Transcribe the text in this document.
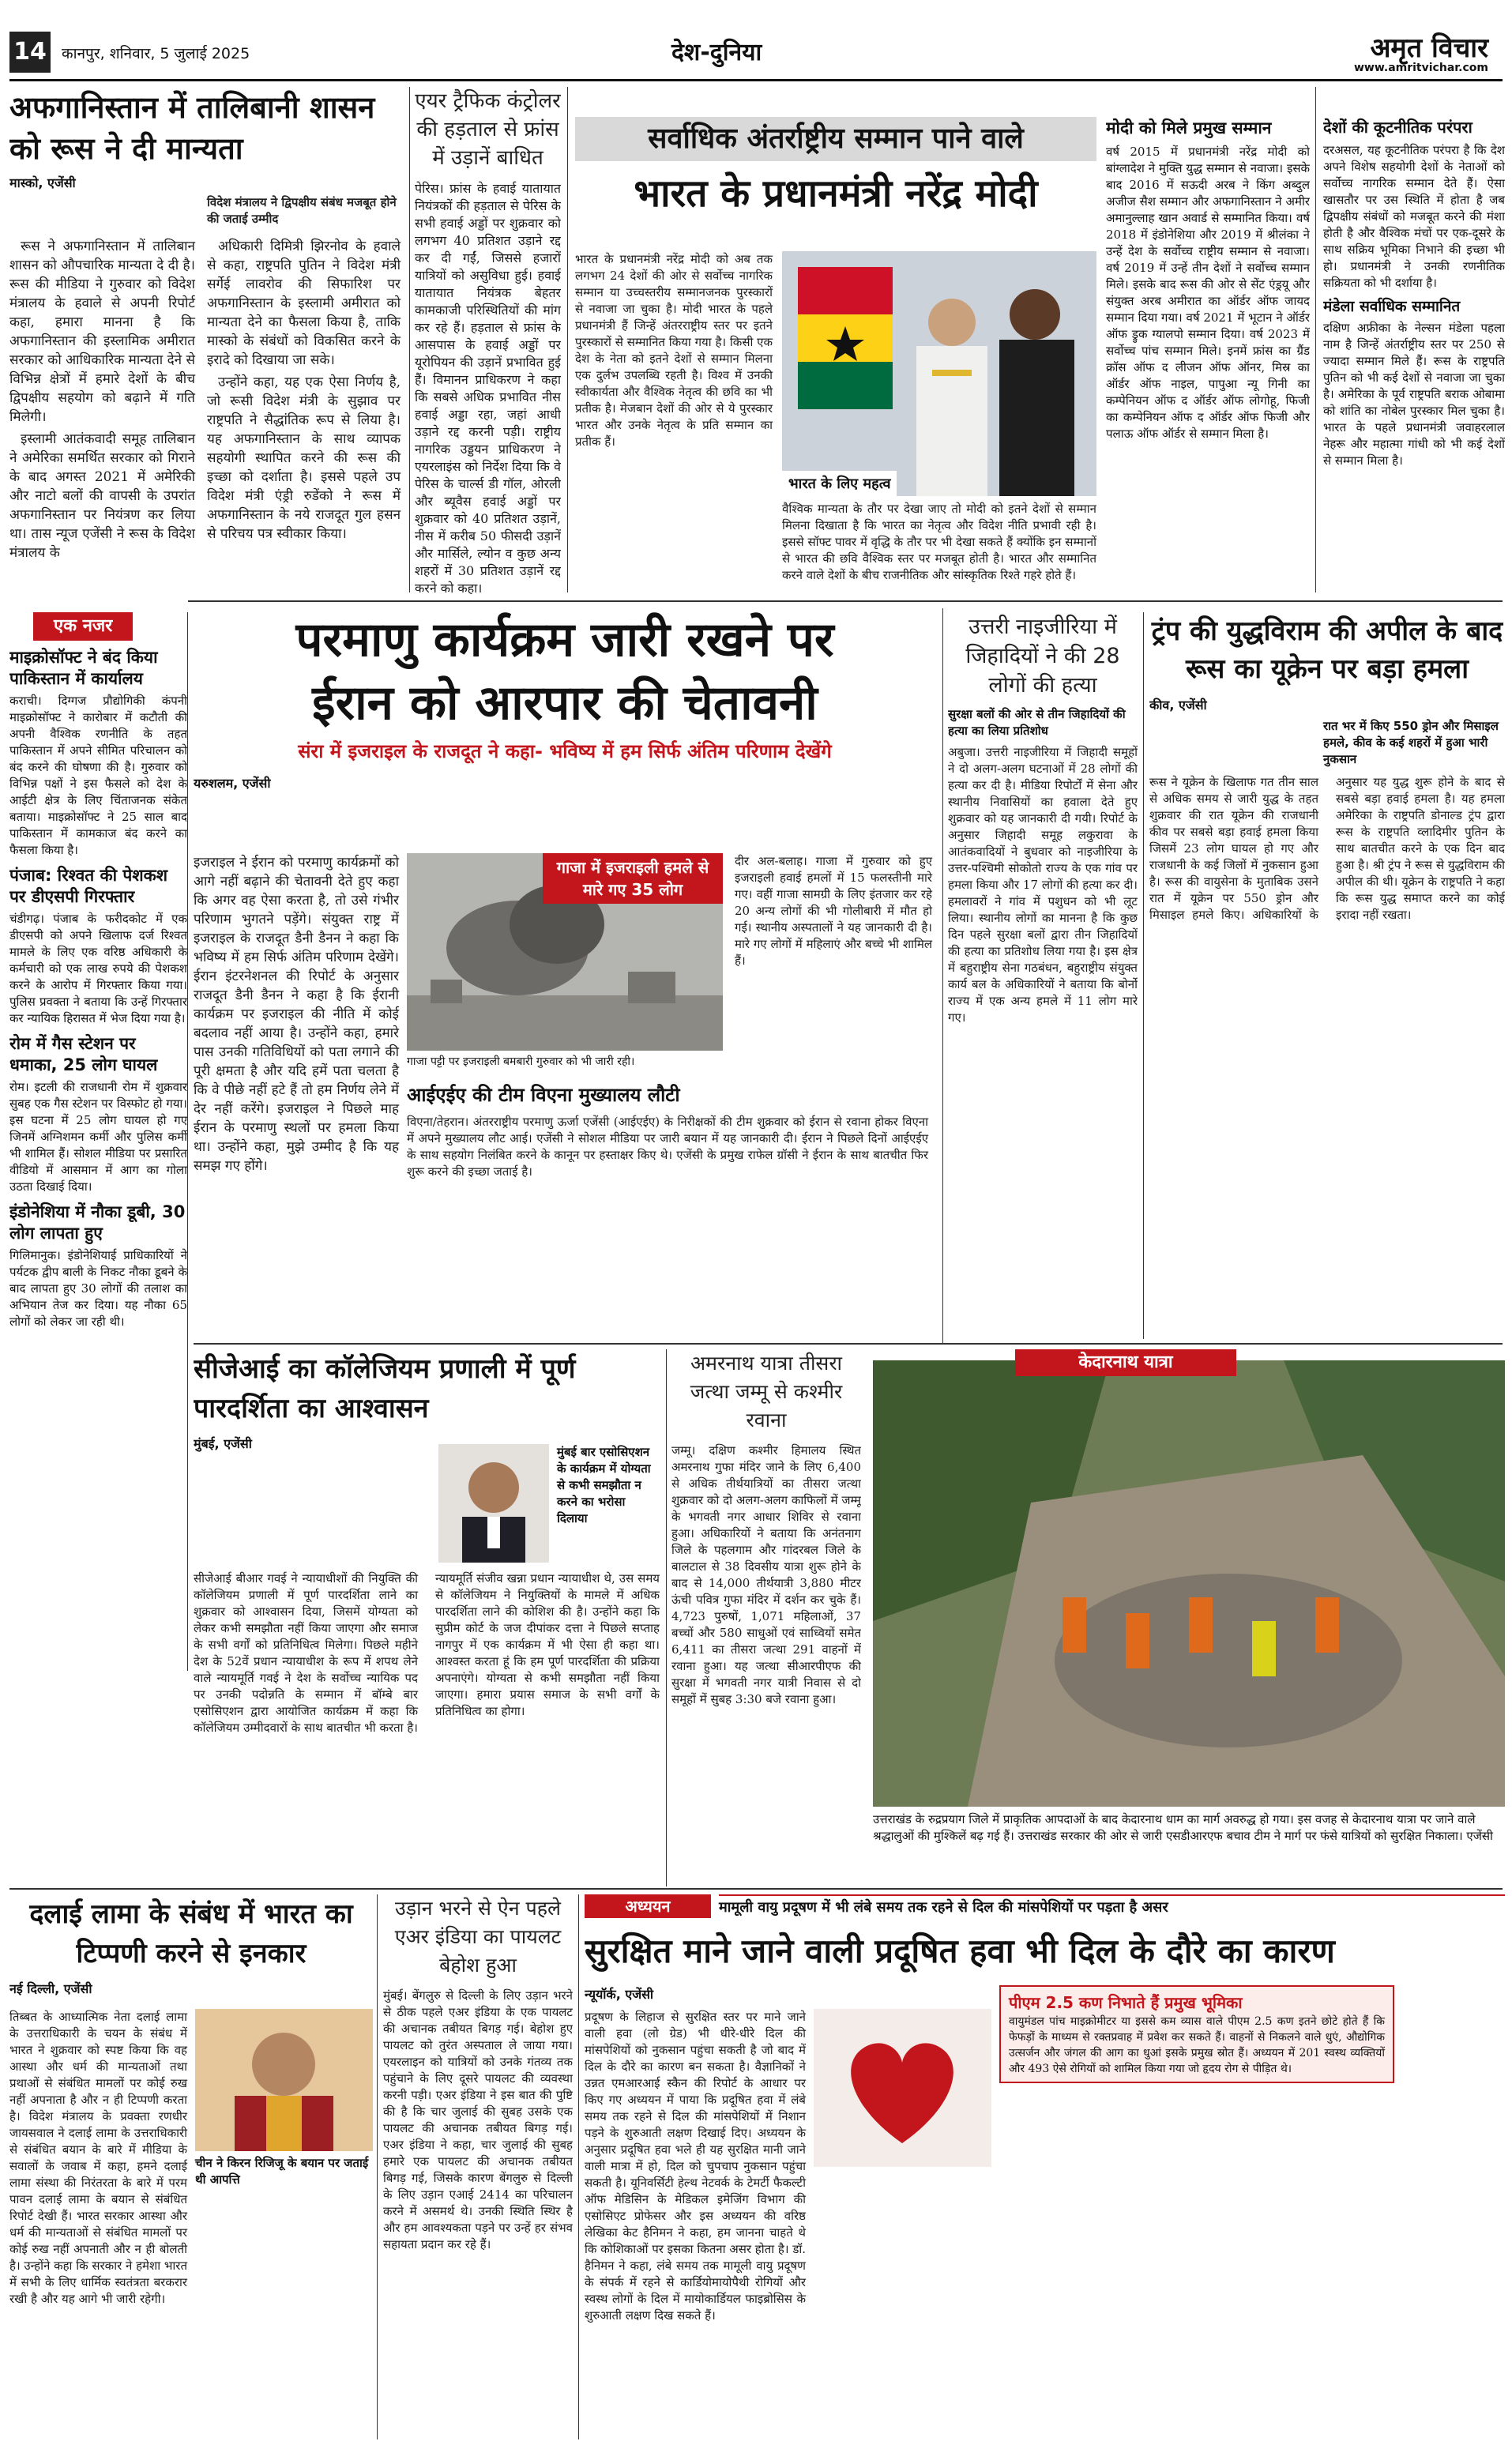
14 कानपुर, शनिवार, 5 जुलाई 2025	देश-दुनिया	अमृत विचार
www.amritvichar.com
अफगानिस्तान में तालिबानी शासन को रूस ने दी मान्यता
मास्को, एजेंसी

रूस ने अफगानिस्तान में तालिबान शासन को औपचारिक मान्यता दे दी है। रूस की मीडिया ने गुरुवार को विदेश मंत्रालय के हवाले से अपनी रिपोर्ट कहा, हमारा मानना है कि अफगानिस्तान की इस्लामिक अमीरात सरकार को आधिकारिक मान्यता देने से विभिन्न क्षेत्रों में हमारे देशों के बीच द्विपक्षीय सहयोग को बढ़ाने में गति मिलेगी।

इस्लामी आतंकवादी समूह तालिबान ने अमेरिका समर्थित सरकार को गिराने के बाद अगस्त 2021 में अमेरिकी और नाटो बलों की वापसी के उपरांत अफगानिस्तान पर नियंत्रण कर लिया था। तास न्यूज एजेंसी ने रूस के विदेश मंत्रालय के

विदेश मंत्रालय ने द्विपक्षीय संबंध मजबूत होने की जताई उम्मीद

अधिकारी दिमित्री झिरनोव के हवाले से कहा, राष्ट्रपति पुतिन ने विदेश मंत्री सर्गेई लावरोव की सिफारिश पर अफगानिस्तान के इस्लामी अमीरात को मान्यता देने का फैसला किया है, ताकि मास्को के संबंधों को विकसित करने के इरादे को दिखाया जा सके।

उन्होंने कहा, यह एक ऐसा निर्णय है, जो रूसी विदेश मंत्री के सुझाव पर राष्ट्रपति ने सैद्धांतिक रूप से लिया है। यह अफगानिस्तान के साथ व्यापक सहयोगी स्थापित करने की रूस की इच्छा को दर्शाता है। इससे पहले उप विदेश मंत्री एंड्री रुडेंको ने रूस में अफगानिस्तान के नये राजदूत गुल हसन से परिचय पत्र स्वीकार किया।

एयर ट्रैफिक कंट्रोलर की हड़ताल से फ्रांस में उड़ानें बाधित
पेरिस। फ्रांस के हवाई यातायात नियंत्रकों की हड़ताल से पेरिस के सभी हवाई अड्डों पर शुक्रवार को लगभग 40 प्रतिशत उड़ाने रद्द कर दी गईं, जिससे हजारों यात्रियों को असुविधा हुई। हवाई यातायात नियंत्रक बेहतर कामकाजी परिस्थितियों की मांग कर रहे हैं। हड़ताल से फ्रांस के आसपास के हवाई अड्डों पर यूरोपियन की उड़ानें प्रभावित हुई हैं। विमानन प्राधिकरण ने कहा कि सबसे अधिक प्रभावित नीस हवाई अड्डा रहा, जहां आधी उड़ाने रद्द करनी पड़ी। राष्ट्रीय नागरिक उड्डयन प्राधिकरण ने एयरलाइंस को निर्देश दिया कि वे पेरिस के चार्ल्स डी गॉल, ओरली और ब्यूवैस हवाई अड्डों पर शुक्रवार को 40 प्रतिशत उड़ानें, नीस में करीब 50 फीसदी उड़ानें और मार्सिले, ल्योन व कुछ अन्य शहरों में 30 प्रतिशत उड़ानें रद्द करने को कहा।
सर्वाधिक अंतर्राष्ट्रीय सम्मान पाने वाले
भारत के प्रधानमंत्री नरेंद्र मोदी
भारत के प्रधानमंत्री नरेंद्र मोदी को अब तक लगभग 24 देशों की ओर से सर्वोच्च नागरिक सम्मान या उच्चस्तरीय सम्मानजनक पुरस्कारों से नवाजा जा चुका है। मोदी भारत के पहले प्रधानमंत्री हैं जिन्हें अंतरराष्ट्रीय स्तर पर इतने पुरस्कारों से सम्मानित किया गया है। किसी एक देश के नेता को इतने देशों से सम्मान मिलना एक दुर्लभ उपलब्धि रहती है। विश्व में उनकी स्वीकार्यता और वैश्विक नेतृत्व की छवि का भी प्रतीक है। मेजबान देशों की ओर से ये पुरस्कार भारत और उनके नेतृत्व के प्रति सम्मान का प्रतीक हैं।
भारत के लिए महत्व
वैश्विक मान्यता के तौर पर देखा जाए तो मोदी को इतने देशों से सम्मान मिलना दिखाता है कि भारत का नेतृत्व और विदेश नीति प्रभावी रही है। इससे सॉफ्ट पावर में वृद्धि के तौर पर भी देखा सकते हैं क्योंकि इन सम्मानों से भारत की छवि वैश्विक स्तर पर मजबूत होती है। भारत और सम्मानित करने वाले देशों के बीच राजनीतिक और सांस्कृतिक रिश्ते गहरे होते हैं।
मोदी को मिले प्रमुख सम्मान
वर्ष 2015 में प्रधानमंत्री नरेंद्र मोदी को बांग्लादेश ने मुक्ति युद्ध सम्मान से नवाजा। इसके बाद 2016 में सऊदी अरब ने किंग अब्दुल अजीज सैश सम्मान और अफगानिस्तान ने अमीर अमानुल्लाह खान अवार्ड से सम्मानित किया। वर्ष 2018 में इंडोनेशिया और 2019 में श्रीलंका ने उन्हें देश के सर्वोच्च राष्ट्रीय सम्मान से नवाजा। वर्ष 2019 में उन्हें तीन देशों ने सर्वोच्च सम्मान मिले। इसके बाद रूस की ओर से सेंट एंड्रयू और संयुक्त अरब अमीरात का ऑर्डर ऑफ जायद सम्मान दिया गया। वर्ष 2021 में भूटान ने ऑर्डर ऑफ ड्रुक ग्यालपो सम्मान दिया। वर्ष 2023 में सर्वोच्च पांच सम्मान मिले। इनमें फ्रांस का ग्रैंड क्रॉस ऑफ द लीजन ऑफ ऑनर, मिस्र का ऑर्डर ऑफ नाइल, पापुआ न्यू गिनी का कम्पेनियन ऑफ द ऑर्डर ऑफ लोगोहू, फिजी का कम्पेनियन ऑफ द ऑर्डर ऑफ फिजी और पलाऊ ऑफ ऑर्डर से सम्मान मिला है।
देशों की कूटनीतिक परंपरा
दरअसल, यह कूटनीतिक परंपरा है कि देश अपने विशेष सहयोगी देशों के नेताओं को सर्वोच्च नागरिक सम्मान देते हैं। ऐसा खासतौर पर उस स्थिति में होता है जब द्विपक्षीय संबंधों को मजबूत करने की मंशा होती है और वैश्विक मंचों पर एक-दूसरे के साथ सक्रिय भूमिका निभाने की इच्छा भी हो। प्रधानमंत्री ने उनकी रणनीतिक सक्रियता को भी दर्शाया है।
मंडेला सर्वाधिक सम्मानित
दक्षिण अफ्रीका के नेल्सन मंडेला पहला नाम है जिन्हें अंतर्राष्ट्रीय स्तर पर 250 से ज्यादा सम्मान मिले हैं। रूस के राष्ट्रपति पुतिन को भी कई देशों से नवाजा जा चुका है। अमेरिका के पूर्व राष्ट्रपति बराक ओबामा को शांति का नोबेल पुरस्कार मिल चुका है। भारत के पहले प्रधानमंत्री जवाहरलाल नेहरू और महात्मा गांधी को भी कई देशों से सम्मान मिला है।
एक नजर
माइक्रोसॉफ्ट ने बंद किया पाकिस्तान में कार्यालय
कराची। दिग्गज प्रौद्योगिकी कंपनी माइक्रोसॉफ्ट ने कारोबार में कटौती की अपनी वैश्विक रणनीति के तहत पाकिस्तान में अपने सीमित परिचालन को बंद करने की घोषणा की है। गुरुवार को विभिन्न पक्षों ने इस फैसले को देश के आईटी क्षेत्र के लिए चिंताजनक संकेत बताया। माइक्रोसॉफ्ट ने 25 साल बाद पाकिस्तान में कामकाज बंद करने का फैसला किया है।
पंजाब: रिश्वत की पेशकश पर डीएसपी गिरफ्तार
चंडीगढ़। पंजाब के फरीदकोट में एक डीएसपी को अपने खिलाफ दर्ज रिश्वत मामले के लिए एक वरिष्ठ अधिकारी के कर्मचारी को एक लाख रुपये की पेशकश करने के आरोप में गिरफ्तार किया गया। पुलिस प्रवक्ता ने बताया कि उन्हें गिरफ्तार कर न्यायिक हिरासत में भेज दिया गया है।
रोम में गैस स्टेशन पर धमाका, 25 लोग घायल
रोम। इटली की राजधानी रोम में शुक्रवार सुबह एक गैस स्टेशन पर विस्फोट हो गया। इस घटना में 25 लोग घायल हो गए जिनमें अग्निशमन कर्मी और पुलिस कर्मी भी शामिल हैं। सोशल मीडिया पर प्रसारित वीडियो में आसमान में आग का गोला उठता दिखाई दिया।
इंडोनेशिया में नौका डूबी, 30 लोग लापता हुए
गिलिमानुक। इंडोनेशियाई प्राधिकारियों ने पर्यटक द्वीप बाली के निकट नौका डूबने के बाद लापता हुए 30 लोगों की तलाश का अभियान तेज कर दिया। यह नौका 65 लोगों को लेकर जा रही थी।
परमाणु कार्यक्रम जारी रखने पर
ईरान को आरपार की चेतावनी
संरा में इजराइल के राजदूत ने कहा- भविष्य में हम सिर्फ अंतिम परिणाम देखेंगे
यरुशलम, एजेंसी
इजराइल ने ईरान को परमाणु कार्यक्रमों को आगे नहीं बढ़ाने की चेतावनी देते हुए कहा कि अगर वह ऐसा करता है, तो उसे गंभीर परिणाम भुगतने पड़ेंगे। संयुक्त राष्ट्र में इजराइल के राजदूत डैनी डैनन ने कहा कि भविष्य में हम सिर्फ अंतिम परिणाम देखेंगे। ईरान इंटरनेशनल की रिपोर्ट के अनुसार राजदूत डैनी डैनन ने कहा है कि ईरानी कार्यक्रम पर इजराइल की नीति में कोई बदलाव नहीं आया है। उन्होंने कहा, हमारे पास उनकी गतिविधियों को पता लगाने की पूरी क्षमता है और यदि हमें पता चलता है कि वे पीछे नहीं हटे हैं तो हम निर्णय लेने में देर नहीं करेंगे। इजराइल ने पिछले माह ईरान के परमाणु स्थलों पर हमला किया था। उन्होंने कहा, मुझे उम्मीद है कि यह समझ गए होंगे।
गाजा में इजराइली हमले से मारे गए 35 लोग
गाजा पट्टी पर इजराइली बमबारी गुरुवार को भी जारी रही।
दीर अल-बलाह। गाजा में गुरुवार को हुए इजराइली हवाई हमलों में 15 फलस्तीनी मारे गए। वहीं गाजा सामग्री के लिए इंतजार कर रहे 20 अन्य लोगों की भी गोलीबारी में मौत हो गई। स्थानीय अस्पतालों ने यह जानकारी दी है। मारे गए लोगों में महिलाएं और बच्चे भी शामिल हैं।
आईएईए की टीम विएना मुख्यालय लौटी
विएना/तेहरान। अंतरराष्ट्रीय परमाणु ऊर्जा एजेंसी (आईएईए) के निरीक्षकों की टीम शुक्रवार को ईरान से रवाना होकर विएना में अपने मुख्यालय लौट आई। एजेंसी ने सोशल मीडिया पर जारी बयान में यह जानकारी दी। ईरान ने पिछले दिनों आईएईए के साथ सहयोग निलंबित करने के कानून पर हस्ताक्षर किए थे। एजेंसी के प्रमुख राफेल ग्रॉसी ने ईरान के साथ बातचीत फिर शुरू करने की इच्छा जताई है।
उत्तरी नाइजीरिया में जिहादियों ने की 28 लोगों की हत्या
सुरक्षा बलों की ओर से तीन जिहादियों की हत्या का लिया प्रतिशोध
अबुजा। उत्तरी नाइजीरिया में जिहादी समूहों ने दो अलग-अलग घटनाओं में 28 लोगों की हत्या कर दी है। मीडिया रिपोर्टों में सेना और स्थानीय निवासियों का हवाला देते हुए शुक्रवार को यह जानकारी दी गयी। रिपोर्ट के अनुसार जिहादी समूह लकुरावा के आतंकवादियों ने बुधवार को नाइजीरिया के उत्तर-पश्चिमी सोकोतो राज्य के एक गांव पर हमला किया और 17 लोगों की हत्या कर दी। हमलावरों ने गांव में पशुधन को भी लूट लिया। स्थानीय लोगों का मानना है कि कुछ दिन पहले सुरक्षा बलों द्वारा तीन जिहादियों की हत्या का प्रतिशोध लिया गया है। इस क्षेत्र में बहुराष्ट्रीय सेना गठबंधन, बहुराष्ट्रीय संयुक्त कार्य बल के अधिकारियों ने बताया कि बोर्नो राज्य में एक अन्य हमले में 11 लोग मारे गए।
ट्रंप की युद्धविराम की अपील के बाद रूस का यूक्रेन पर बड़ा हमला
कीव, एजेंसी
रात भर में किए 550 ड्रोन और मिसाइल हमले, कीव के कई शहरों में हुआ भारी नुकसान
रूस ने यूक्रेन के खिलाफ गत तीन साल से अधिक समय से जारी युद्ध के तहत शुक्रवार की रात यूक्रेन की राजधानी कीव पर सबसे बड़ा हवाई हमला किया जिसमें 23 लोग घायल हो गए और राजधानी के कई जिलों में नुकसान हुआ है। रूस की वायुसेना के मुताबिक उसने रात में यूक्रेन पर 550 ड्रोन और मिसाइल हमले किए। अधिकारियों के अनुसार यह युद्ध शुरू होने के बाद से सबसे बड़ा हवाई हमला है। यह हमला अमेरिका के राष्ट्रपति डोनाल्ड ट्रंप द्वारा रूस के राष्ट्रपति व्लादिमीर पुतिन के साथ बातचीत करने के एक दिन बाद हुआ है। श्री ट्रंप ने रूस से युद्धविराम की अपील की थी। यूक्रेन के राष्ट्रपति ने कहा कि रूस युद्ध समाप्त करने का कोई इरादा नहीं रखता।
सीजेआई का कॉलेजियम प्रणाली में पूर्ण पारदर्शिता का आश्वासन
मुंबई, एजेंसी
मुंबई बार एसोसिएशन के कार्यक्रम में योग्यता से कभी समझौता न करने का भरोसा दिलाया
सीजेआई बीआर गवई ने न्यायाधीशों की नियुक्ति की कॉलेजियम प्रणाली में पूर्ण पारदर्शिता लाने का शुक्रवार को आश्वासन दिया, जिसमें योग्यता को लेकर कभी समझौता नहीं किया जाएगा और समाज के सभी वर्गों को प्रतिनिधित्व मिलेगा। पिछले महीने देश के 52वें प्रधान न्यायाधीश के रूप में शपथ लेने वाले न्यायमूर्ति गवई ने देश के सर्वोच्च न्यायिक पद पर उनकी पदोन्नति के सम्मान में बॉम्बे बार एसोसिएशन द्वारा आयोजित कार्यक्रम में कहा कि कॉलेजियम उम्मीदवारों के साथ बातचीत भी करता है। न्यायमूर्ति संजीव खन्ना प्रधान न्यायाधीश थे, उस समय से कॉलेजियम ने नियुक्तियों के मामले में अधिक पारदर्शिता लाने की कोशिश की है। उन्होंने कहा कि सुप्रीम कोर्ट के जज दीपांकर दत्ता ने पिछले सप्ताह नागपुर में एक कार्यक्रम में भी ऐसा ही कहा था। आश्वस्त करता हूं कि हम पूर्ण पारदर्शिता की प्रक्रिया अपनाएंगे। योग्यता से कभी समझौता नहीं किया जाएगा। हमारा प्रयास समाज के सभी वर्गों के प्रतिनिधित्व का होगा।
अमरनाथ यात्रा तीसरा जत्था जम्मू से कश्मीर रवाना
जम्मू। दक्षिण कश्मीर हिमालय स्थित अमरनाथ गुफा मंदिर जाने के लिए 6,400 से अधिक तीर्थयात्रियों का तीसरा जत्था शुक्रवार को दो अलग-अलग काफिलों में जम्मू के भगवती नगर आधार शिविर से रवाना हुआ। अधिकारियों ने बताया कि अनंतनाग जिले के पहलगाम और गांदरबल जिले के बालटाल से 38 दिवसीय यात्रा शुरू होने के बाद से 14,000 तीर्थयात्री 3,880 मीटर ऊंची पवित्र गुफा मंदिर में दर्शन कर चुके हैं। 4,723 पुरुषों, 1,071 महिलाओं, 37 बच्चों और 580 साधुओं एवं साध्वियों समेत 6,411 का तीसरा जत्था 291 वाहनों में रवाना हुआ। यह जत्था सीआरपीएफ की सुरक्षा में भगवती नगर यात्री निवास से दो समूहों में सुबह 3:30 बजे रवाना हुआ।
केदारनाथ यात्रा
उत्तराखंड के रुद्रप्रयाग जिले में प्राकृतिक आपदाओं के बाद केदारनाथ धाम का मार्ग अवरुद्ध हो गया। इस वजह से केदारनाथ यात्रा पर जाने वाले श्रद्धालुओं की मुश्किलें बढ़ गई हैं। उत्तराखंड सरकार की ओर से जारी एसडीआरएफ बचाव टीम ने मार्ग पर फंसे यात्रियों को सुरक्षित निकाला। एजेंसी
दलाई लामा के संबंध में भारत का टिप्पणी करने से इनकार
नई दिल्ली, एजेंसी
तिब्बत के आध्यात्मिक नेता दलाई लामा के उत्तराधिकारी के चयन के संबंध में भारत ने शुक्रवार को स्पष्ट किया कि वह आस्था और धर्म की मान्यताओं तथा प्रथाओं से संबंधित मामलों पर कोई रुख नहीं अपनाता है और न ही टिप्पणी करता है। विदेश मंत्रालय के प्रवक्ता रणधीर जायसवाल ने दलाई लामा के उत्तराधिकारी से संबंधित बयान के बारे में मीडिया के सवालों के जवाब में कहा, हमने दलाई लामा संस्था की निरंतरता के बारे में परम पावन दलाई लामा के बयान से संबंधित रिपोर्ट देखी हैं। भारत सरकार आस्था और धर्म की मान्यताओं से संबंधित मामलों पर कोई रुख नहीं अपनाती और न ही बोलती है। उन्होंने कहा कि सरकार ने हमेशा भारत में सभी के लिए धार्मिक स्वतंत्रता बरकरार रखी है और यह आगे भी जारी रहेगी।
चीन ने किरन रिजिजू के बयान पर जताई थी आपत्ति
उड़ान भरने से ऐन पहले एअर इंडिया का पायलट बेहोश हुआ
मुंबई। बेंगलुरु से दिल्ली के लिए उड़ान भरने से ठीक पहले एअर इंडिया के एक पायलट की अचानक तबीयत बिगड़ गई। बेहोश हुए पायलट को तुरंत अस्पताल ले जाया गया। एयरलाइन को यात्रियों को उनके गंतव्य तक पहुंचाने के लिए दूसरे पायलट की व्यवस्था करनी पड़ी। एअर इंडिया ने इस बात की पुष्टि की है कि चार जुलाई की सुबह उसके एक पायलट की अचानक तबीयत बिगड़ गई। एअर इंडिया ने कहा, चार जुलाई की सुबह हमारे एक पायलट की अचानक तबीयत बिगड़ गई, जिसके कारण बेंगलुरु से दिल्ली के लिए उड़ान एआई 2414 का परिचालन करने में असमर्थ थे। उनकी स्थिति स्थिर है और हम आवश्यकता पड़ने पर उन्हें हर संभव सहायता प्रदान कर रहे हैं।
अध्ययन	मामूली वायु प्रदूषण में भी लंबे समय तक रहने से दिल की मांसपेशियों पर पड़ता है असर
सुरक्षित माने जाने वाली प्रदूषित हवा भी दिल के दौरे का कारण
न्यूयॉर्क, एजेंसी	पीएम 2.5 कण निभाते हैं प्रमुख भूमिका
वायुमंडल पांच माइक्रोमीटर या इससे कम व्यास वाले पीएम 2.5 कण इतने छोटे होते हैं कि फेफड़ों के माध्यम से रक्तप्रवाह में प्रवेश कर सकते हैं। वाहनों से निकलने वाले धुएं, औद्योगिक उत्सर्जन और जंगल की आग का धुआं इसके प्रमुख स्रोत हैं। अध्ययन में 201 स्वस्थ व्यक्तियों और 493 ऐसे रोगियों को शामिल किया गया जो हृदय रोग से पीड़ित थे।
प्रदूषण के लिहाज से सुरक्षित स्तर पर माने जाने वाली हवा (लो ग्रेड) भी धीरे-धीरे दिल की मांसपेशियों को नुकसान पहुंचा सकती है जो बाद में दिल के दौरे का कारण बन सकता है। वैज्ञानिकों ने उन्नत एमआरआई स्कैन की रिपोर्ट के आधार पर किए गए अध्ययन में पाया कि प्रदूषित हवा में लंबे समय तक रहने से दिल की मांसपेशियों में निशान पड़ने के शुरुआती लक्षण दिखाई दिए। अध्ययन के अनुसार प्रदूषित हवा भले ही यह सुरक्षित मानी जाने वाली मात्रा में हो, दिल को चुपचाप नुकसान पहुंचा सकती है। यूनिवर्सिटी हेल्थ नेटवर्क के टेमर्टी फैकल्टी ऑफ मेडिसिन के मेडिकल इमेजिंग विभाग की एसोसिएट प्रोफेसर और इस अध्ययन की वरिष्ठ लेखिका केट हैनिमन ने कहा, हम जानना चाहते थे कि कोशिकाओं पर इसका कितना असर होता है। डॉ. हैनिमन ने कहा, लंबे समय तक मामूली वायु प्रदूषण के संपर्क में रहने से कार्डियोमायोपैथी रोगियों और स्वस्थ लोगों के दिल में मायोकार्डियल फाइब्रोसिस के शुरुआती लक्षण दिख सकते हैं।
